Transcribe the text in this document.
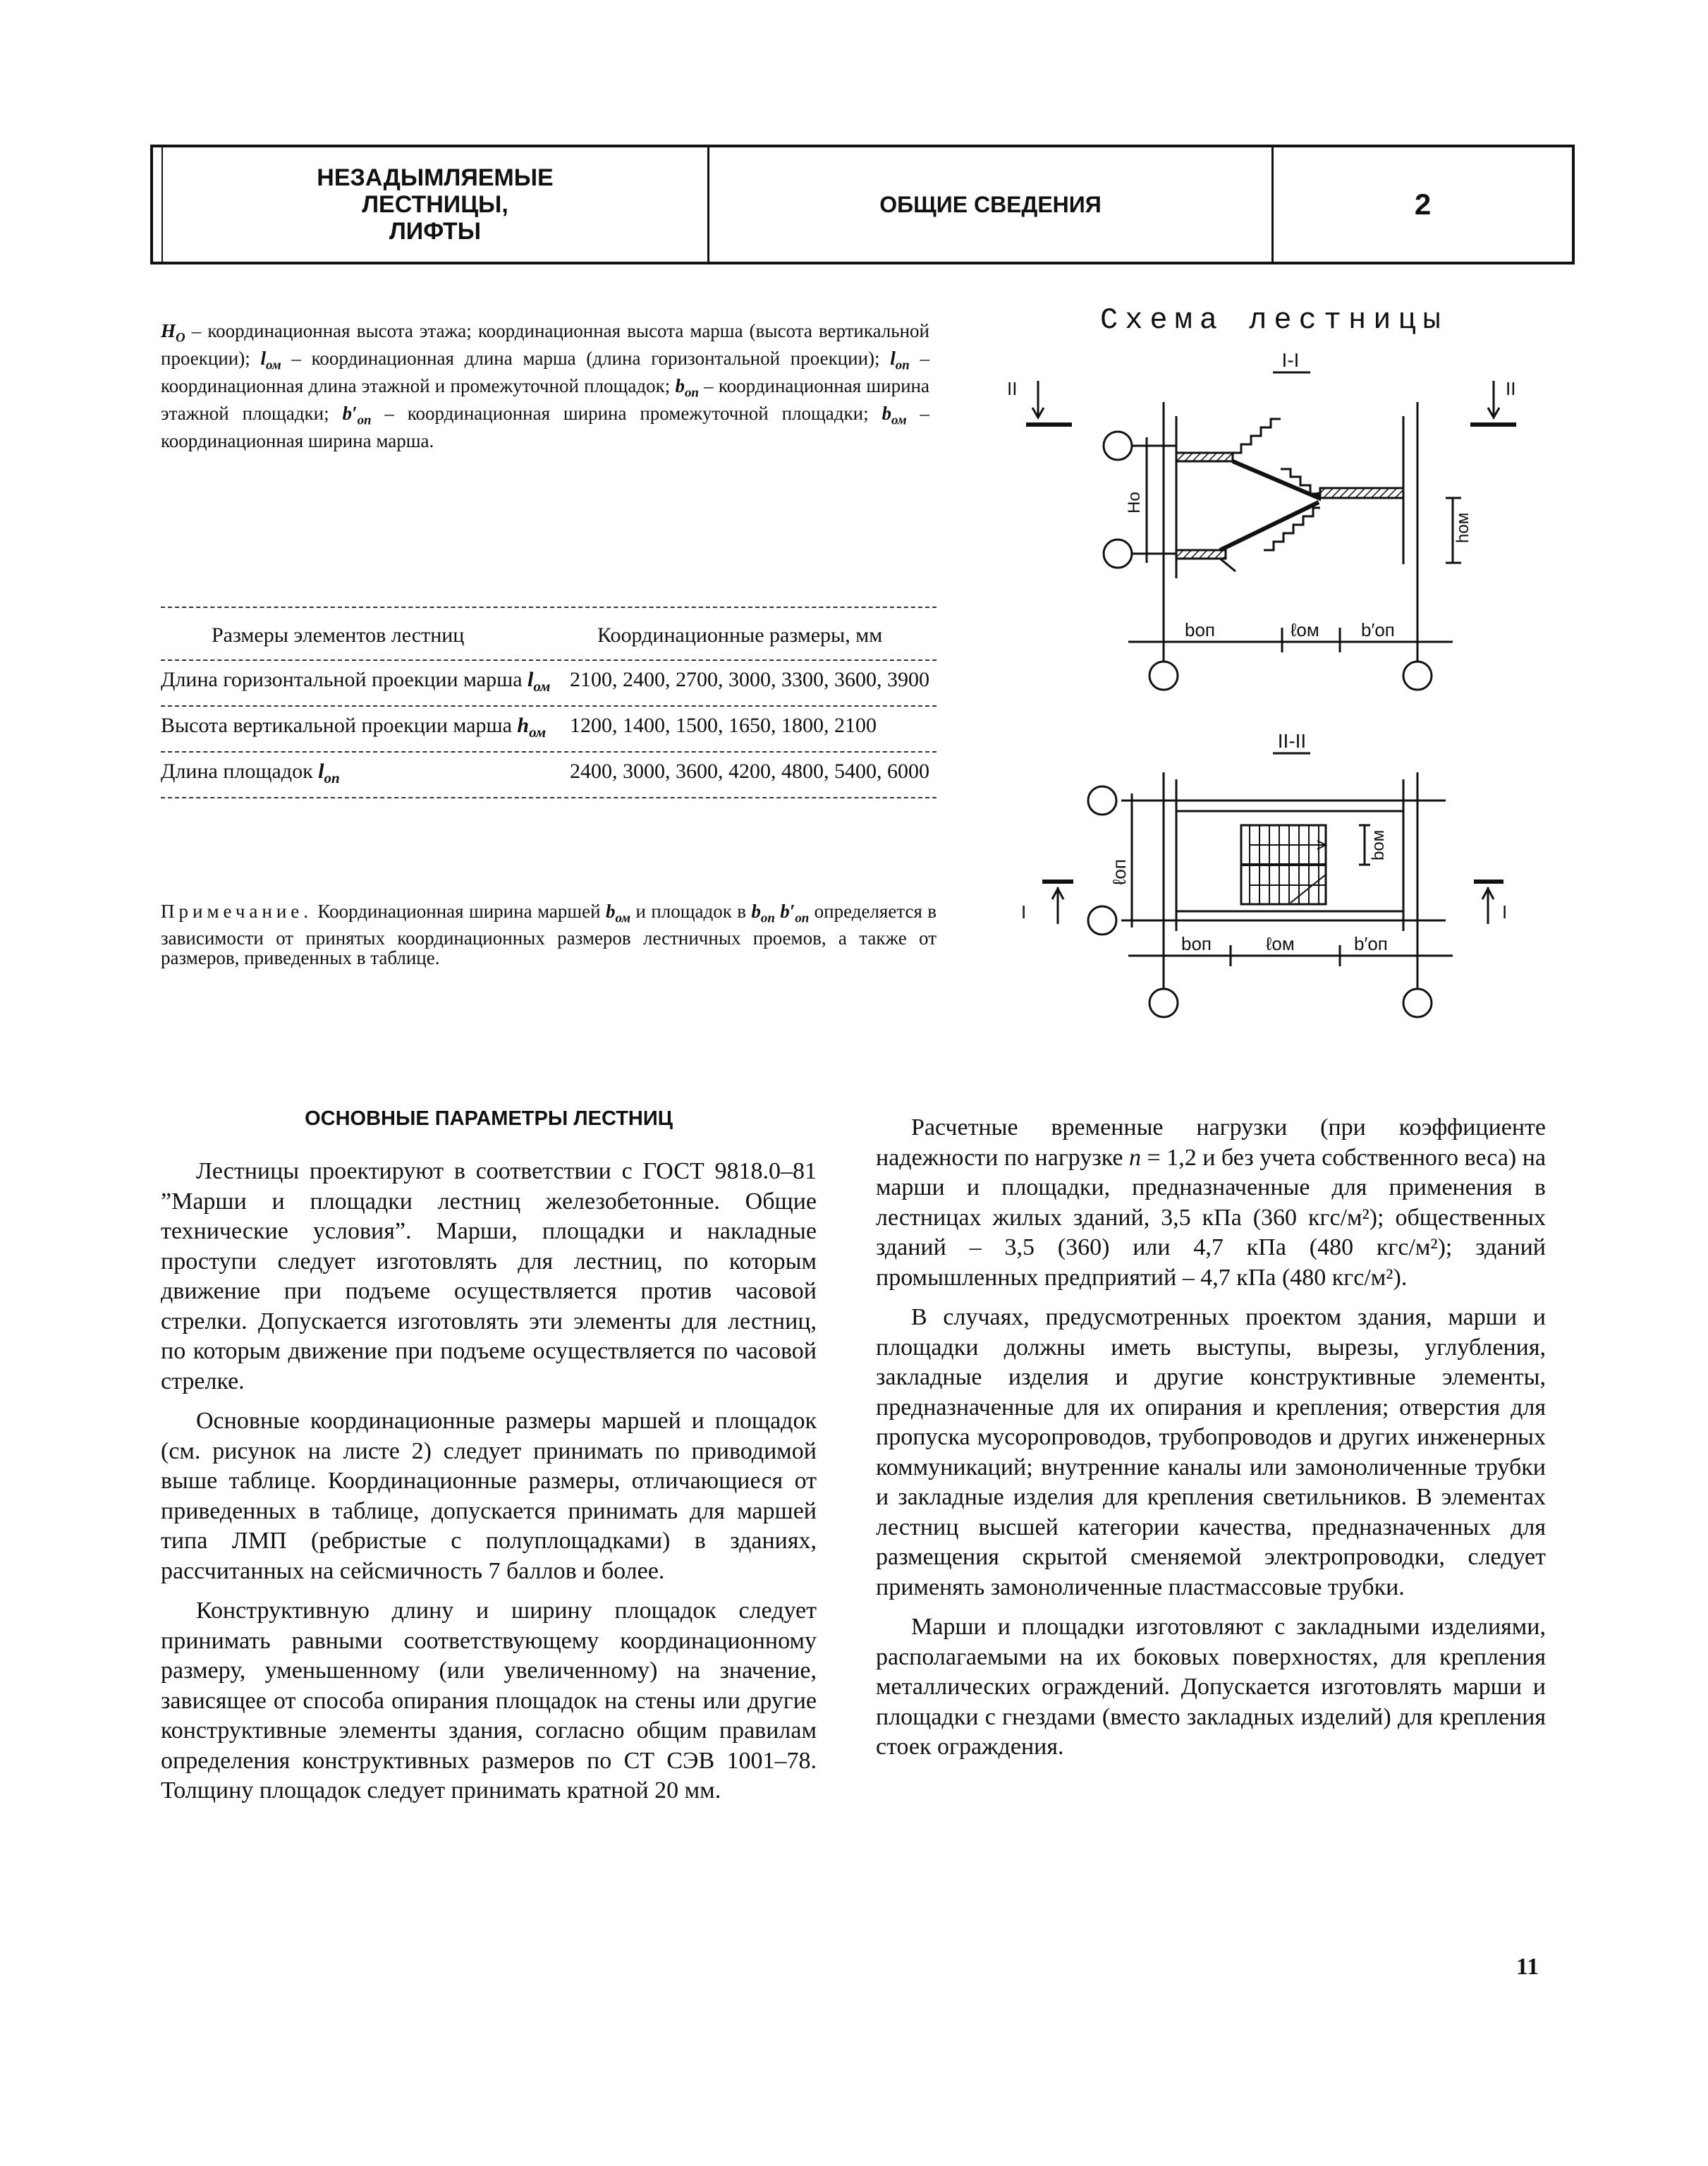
НЕЗАДЫМЛЯЕМЫЕ
ЛЕСТНИЦЫ,
ЛИФТЫ
ОБЩИЕ СВЕДЕНИЯ	2
$H_O$ – координационная высота этажа; координационная высота марша (высота вертикальной проекции); $l_{ом}$ – координационная длина марша (длина горизонтальной проекции); $l_{оп}$ – координационная длина этажной и промежуточной площадок; $b_{оп}$ – координационная ширина этажной площадки; $b'_{оп}$ – координационная ширина промежуточной площадки; $b_{ом}$ – координационная ширина марша.
Размеры элементов лестниц	Координационные размеры, мм
Длина горизонтальной проекции марша $l_{ом}$ 2100, 2400, 2700, 3000, 3300, 3600, 3900
Высота вертикальной проекции марша $h_{ом}$	1200, 1400, 1500, 1650, 1800, 2100
Длина площадок $l_{оп}$	2400, 3000, 3600, 4200, 4800, 5400, 6000
Примечание. Координационная ширина маршей $b_{ом}$ и площадок в $b_{оп}$ $b'_{оп}$ определяется в зависимости от принятых координационных размеров лестничных проемов, а также от размеров, приведенных в таблице.
Схема лестницы
I-I
II	II
Hо
hом
bоп	ℓом b′оп
II-II
ℓоп
bом
I	I
bоп	ℓом	b′оп
ОСНОВНЫЕ ПАРАМЕТРЫ ЛЕСТНИЦ

Лестницы проектируют в соответствии с ГОСТ 9818.0–81 ”Марши и площадки лестниц железобетонные. Общие технические условия”. Марши, площадки и накладные проступи следует изготовлять для лестниц, по которым движение при подъеме осуществляется против часовой стрелки. Допускается изготовлять эти элементы для лестниц, по которым движение при подъеме осуществляется по часовой стрелке.

Основные координационные размеры маршей и площадок (см. рисунок на листе 2) следует принимать по приводимой выше таблице. Координационные размеры, отличающиеся от приведенных в таблице, допускается принимать для маршей типа ЛМП (ребристые с полуплощадками) в зданиях, рассчитанных на сейсмичность 7 баллов и более.

Конструктивную длину и ширину площадок следует принимать равными соответствующему координационному размеру, уменьшенному (или увеличенному) на значение, зависящее от способа опирания площадок на стены или другие конструктивные элементы здания, согласно общим правилам определения конструктивных размеров по СТ СЭВ 1001–78. Толщину площадок следует принимать кратной 20 мм.

Расчетные временные нагрузки (при коэффициенте надежности по нагрузке n = 1,2 и без учета собственного веса) на марши и площадки, предназначенные для применения в лестницах жилых зданий, 3,5 кПа (360 кгс/м²); общественных зданий – 3,5 (360) или 4,7 кПа (480 кгс/м²); зданий промышленных предприятий – 4,7 кПа (480 кгс/м²).

В случаях, предусмотренных проектом здания, марши и площадки должны иметь выступы, вырезы, углубления, закладные изделия и другие конструктивные элементы, предназначенные для их опирания и крепления; отверстия для пропуска мусоропроводов, трубопроводов и других инженерных коммуникаций; внутренние каналы или замоноличенные трубки и закладные изделия для крепления светильников. В элементах лестниц высшей категории качества, предназначенных для размещения скрытой сменяемой электропроводки, следует применять замоноличенные пластмассовые трубки.

Марши и площадки изготовляют с закладными изделиями, располагаемыми на их боковых поверхностях, для крепления металлических ограждений. Допускается изготовлять марши и площадки с гнездами (вместо закладных изделий) для крепления стоек ограждения.

11
